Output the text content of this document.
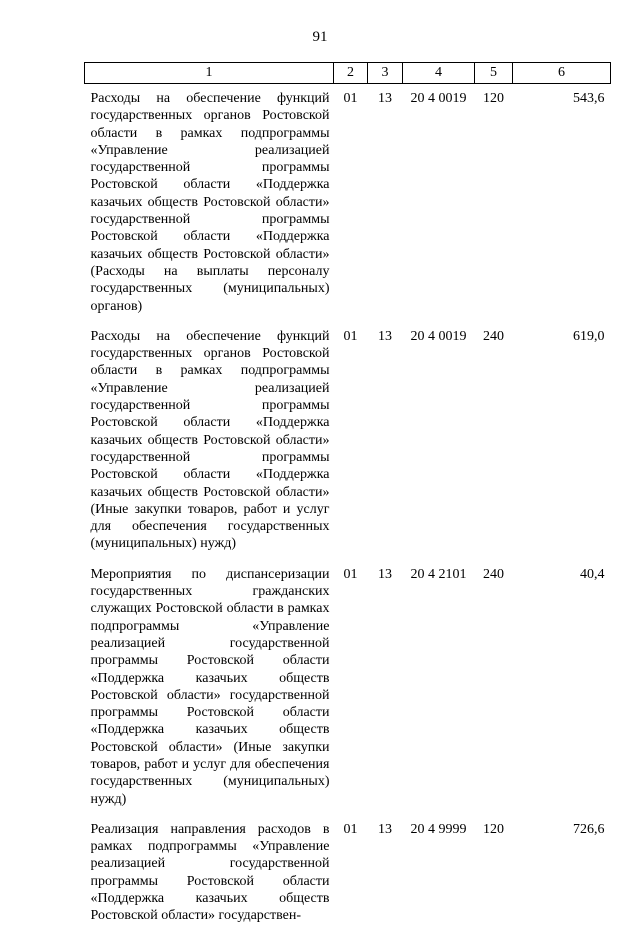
91
1	2	3	4	5	6
Расходы на обеспечение функций государственных органов Ростовской области в рамках подпрограммы «Управление реализацией государственной программы Ростовской области «Поддержка казачьих обществ Ростовской области» государственной программы Ростовской области «Поддержка казачьих обществ Ростовской области» (Расходы на выплаты персоналу государственных (муниципальных) органов)	01	13	20 4 0019	120	543,6
Расходы на обеспечение функций государственных органов Ростовской области в рамках подпрограммы «Управление реализацией государственной программы Ростовской области «Поддержка казачьих обществ Ростовской области» государственной программы Ростовской области «Поддержка казачьих обществ Ростовской области» (Иные закупки товаров, работ и услуг для обеспечения государственных (муниципальных) нужд)	01	13	20 4 0019	240	619,0
Мероприятия по диспансеризации государственных гражданских служащих Ростовской области в рамках подпрограммы «Управление реализацией государственной программы Ростовской области «Поддержка казачьих обществ Ростовской области» государственной программы Ростовской области «Поддержка казачьих обществ Ростовской области» (Иные закупки товаров, работ и услуг для обеспечения государственных (муниципальных) нужд)	01	13	20 4 2101	240	40,4

Реализация направления расходов в рамках подпрограммы «Управление реализацией государственной программы Ростовской области «Поддержка казачьих обществ Ростовской области» государствен-	01	13	20 4 9999	120	726,6
